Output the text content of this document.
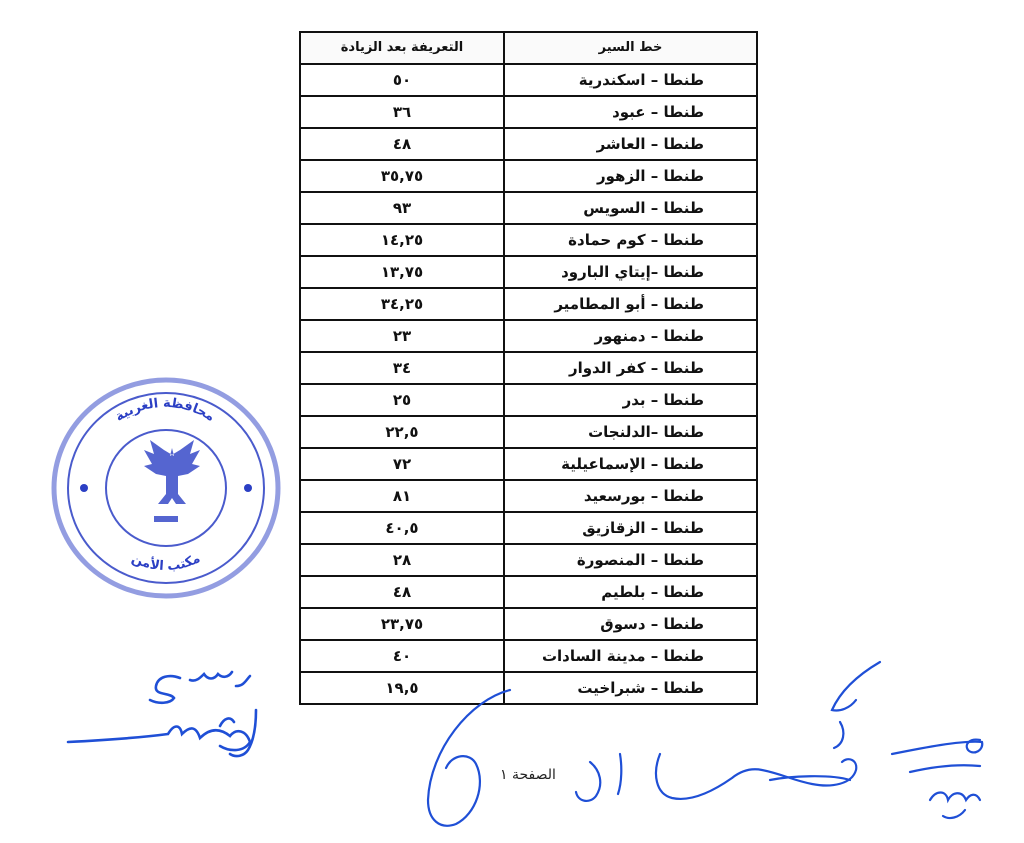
خط السير	التعريفة بعد الزيادة
طنطا – اسكندرية	٥٠
طنطا – عبود	٣٦
طنطا – العاشر	٤٨
طنطا – الزهور	٣٥,٧٥
طنطا – السويس	٩٣
طنطا – كوم حمادة	١٤,٢٥
طنطا –إيتاي البارود	١٣,٧٥
طنطا – أبو المطامير	٣٤,٢٥
طنطا – دمنهور	٢٣
طنطا – كفر الدوار	٣٤
طنطا – بدر	٢٥
طنطا –الدلنجات	٢٢,٥
طنطا – الإسماعيلية	٧٢
طنطا – بورسعيد	٨١
طنطا – الزقازيق	٤٠,٥
طنطا – المنصورة	٢٨
طنطا – بلطيم	٤٨
طنطا – دسوق	٢٣,٧٥
طنطا – مدينة السادات	٤٠
طنطا – شبراخيت	١٩,٥
محافظة الغربية
مكتب الأمن
الصفحة ١
